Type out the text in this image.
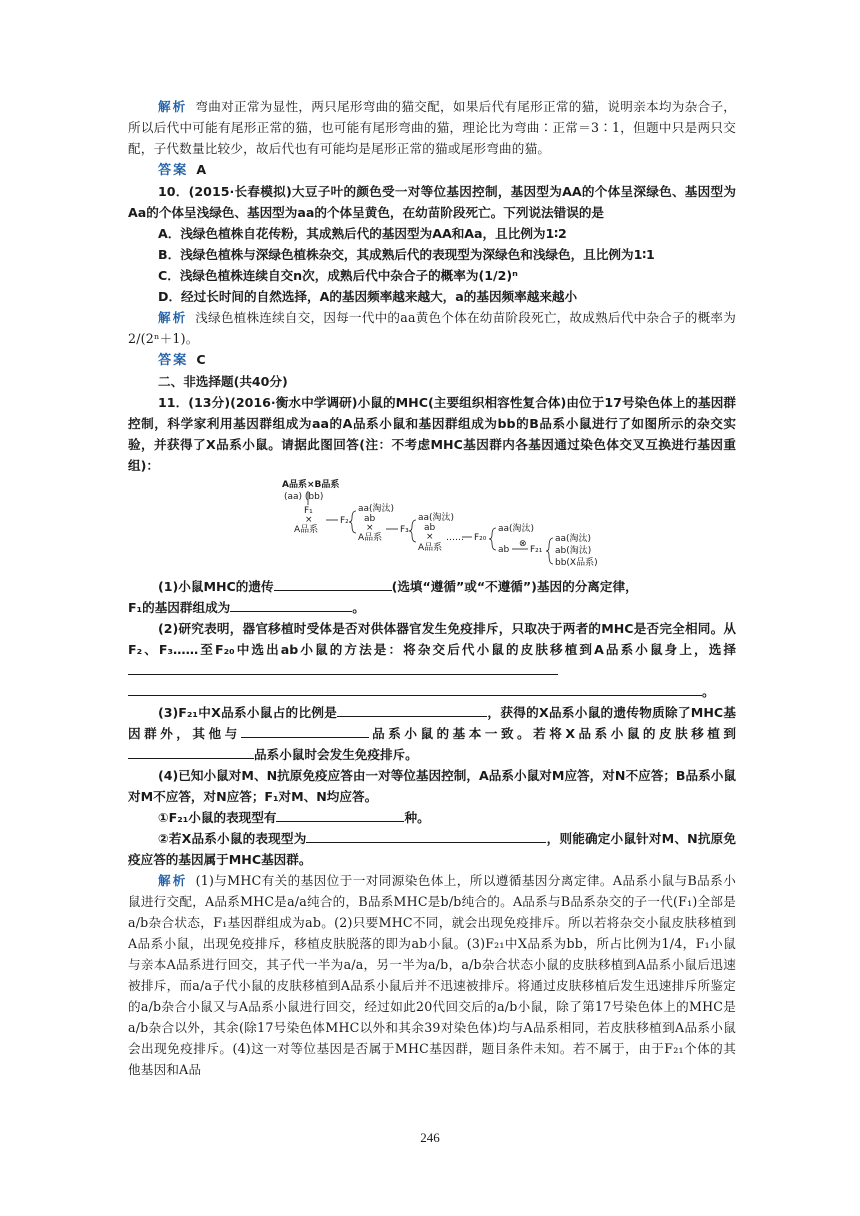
解析 弯曲对正常为显性，两只尾形弯曲的猫交配，如果后代有尾形正常的猫，说明亲本均为杂合子，所以后代中可能有尾形正常的猫，也可能有尾形弯曲的猫，理论比为弯曲∶正常＝3∶1，但题中只是两只交配，子代数量比较少，故后代也有可能均是尾形正常的猫或尾形弯曲的猫。

答案 A

10．(2015·长春模拟)大豆子叶的颜色受一对等位基因控制，基因型为AA的个体呈深绿色、基因型为Aa的个体呈浅绿色、基因型为aa的个体呈黄色，在幼苗阶段死亡。下列说法错误的是

A．浅绿色植株自花传粉，其成熟后代的基因型为AA和Aa，且比例为1∶2

B．浅绿色植株与深绿色植株杂交，其成熟后代的表现型为深绿色和浅绿色，且比例为1∶1

C．浅绿色植株连续自交n次，成熟后代中杂合子的概率为(1/2)ⁿ

D．经过长时间的自然选择，A的基因频率越来越大，a的基因频率越来越小

解析 浅绿色植株连续自交，因每一代中的aa黄色个体在幼苗阶段死亡，故成熟后代中杂合子的概率为2/(2ⁿ＋1)。

答案 C

二、非选择题(共40分)

11．(13分)(2016·衡水中学调研)小鼠的MHC(主要组织相容性复合体)由位于17号染色体上的基因群控制，科学家利用基因群组成为aa的A品系小鼠和基因群组成为bb的B品系小鼠进行了如图所示的杂交实验，并获得了X品系小鼠。请据此图回答(注：不考虑MHC基因群内各基因通过染色体交叉互换进行基因重组)：

A品系×B品系
(aa) (bb)
F₁
×
A品系
F₂
aa(淘汰)
ab
×
A品系
F₃
aa(淘汰)
ab
×
A品系
…… F₂₀
aa(淘汰)
ab
⊗
F₂₁
aa(淘汰)
ab(淘汰)
bb(X品系)

(1)小鼠MHC的遗传	(选填“遵循”或“不遵循”)基因的分离定律，

F₁的基因群组成为	。

(2)研究表明，器官移植时受体是否对供体器官发生免疫排斥，只取决于两者的MHC是否完全相同。从F₂、F₃……至F₂₀中选出ab小鼠的方法是：将杂交后代小鼠的皮肤移植到A品系小鼠身上，选择

。

(3)F₂₁中X品系小鼠占的比例是	，获得的X品系小鼠的遗传物质除了MHC基因群外，其他与	品系小鼠的基本一致。若将X品系小鼠的皮肤移植到品系小鼠时会发生免疫排斥。

(4)已知小鼠对M、N抗原免疫应答由一对等位基因控制，A品系小鼠对M应答，对N不应答；B品系小鼠对M不应答，对N应答；F₁对M、N均应答。

①F₂₁小鼠的表现型有	种。

②若X品系小鼠的表现型为	，则能确定小鼠针对M、N抗原免疫应答的基因属于MHC基因群。

解析 (1)与MHC有关的基因位于一对同源染色体上，所以遵循基因分离定律。A品系小鼠与B品系小鼠进行交配，A品系MHC是a/a纯合的，B品系MHC是b/b纯合的。A品系与B品系杂交的子一代(F₁)全部是a/b杂合状态，F₁基因群组成为ab。(2)只要MHC不同，就会出现免疫排斥。所以若将杂交小鼠皮肤移植到A品系小鼠，出现免疫排斥，移植皮肤脱落的即为ab小鼠。(3)F₂₁中X品系为bb，所占比例为1/4，F₁小鼠与亲本A品系进行回交，其子代一半为a/a，另一半为a/b，a/b杂合状态小鼠的皮肤移植到A品系小鼠后迅速被排斥，而a/a子代小鼠的皮肤移植到A品系小鼠后并不迅速被排斥。将通过皮肤移植后发生迅速排斥所鉴定的a/b杂合小鼠又与A品系小鼠进行回交，经过如此20代回交后的a/b小鼠，除了第17号染色体上的MHC是a/b杂合以外，其余(除17号染色体MHC以外和其余39对染色体)均与A品系相同，若皮肤移植到A品系小鼠会出现免疫排斥。(4)这一对等位基因是否属于MHC基因群，题目条件未知。若不属于，由于F₂₁个体的其他基因和A品

246
